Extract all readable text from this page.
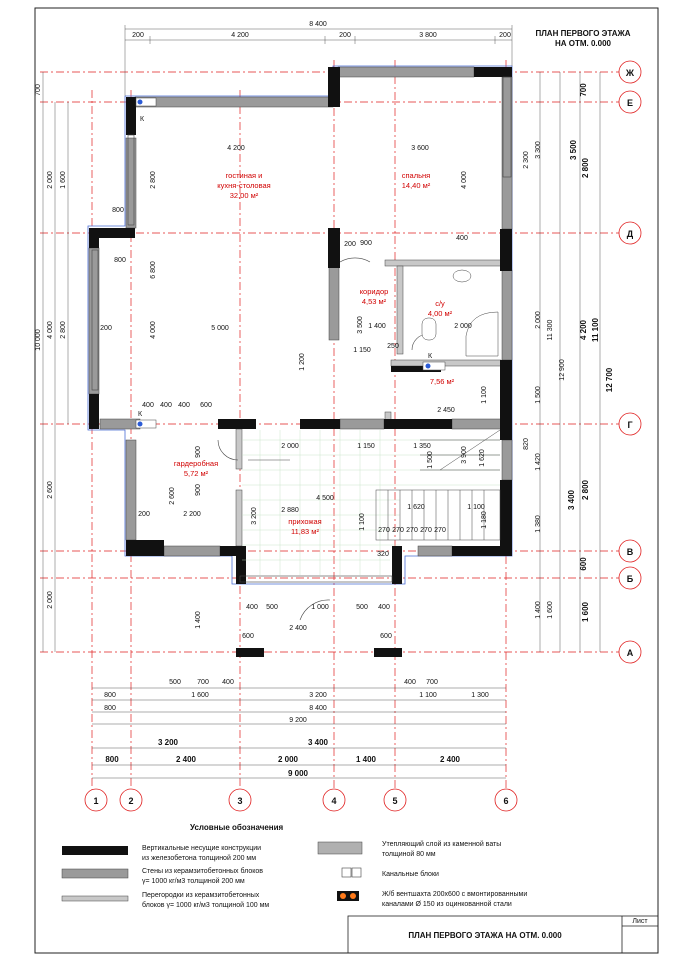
ПЛАН ПЕРВОГО ЭТАЖА
НА ОТМ. 0.000
К
К
К
гостиная и
кухня-столовая
32,00 м²
спальня
14,40 м²
коридор
4,53 м²	с/у
4,00 м²
7,56 м²
гардеробная
5,72 м²
прихожая
11,83 м²
8 400
200	4 200	200	3 800	200
4 200	3 600
5 000
2 400
4 500
2 880
2 450
2 000	1 150	1 350
2 200
1 620	1 100
1 000
900
1 400
1 150
250
320
2 000
800
800
600
400 400 400
200
200
200
400
400 500	500 400
600	600
500 700 400	400 700
6 800
2 800
4 000
4 000
1 200
3 500
3 900
3 200
2 600
1 500	1 620
1 100
1 100	1 180
1 400
900
900
270 270 270 270 270
10 000
2 000
4 000
2 600
2 000
1 600
2 800
700	700
3 500
2 800
4 200 11 100
12 700
3 400 2 800
600
1 600
3 300
2 300
11 300
12 900
2 000
1 500
1 420
1 380
820
1 400 1 600
Ж
Е
Д
Г
В
Б
А
800	1 600	3 200	1 100	1 300
800	8 400
9 200
3 200	3 400
800	2 400	2 000	1 400	2 400
9 000
1	2	3	4	5	6
Условные обозначения
Вертикальные несущие конструкции
из железобетона толщиной 200 мм
Стены из керамзитобетонных блоков
γ= 1000 кг/м3 толщиной 200 мм
Перегородки из керамзитобетонных
блоков γ= 1000 кг/м3 толщиной 100 мм
Утепляющий слой из каменной ваты
толщиной 80 мм
Канальные блоки
Ж/б вентшахта 200х600 с вмонтированными
каналами Ø 150 из оцинкованной стали
ПЛАН ПЕРВОГО ЭТАЖА НА ОТМ. 0.000
Лист
